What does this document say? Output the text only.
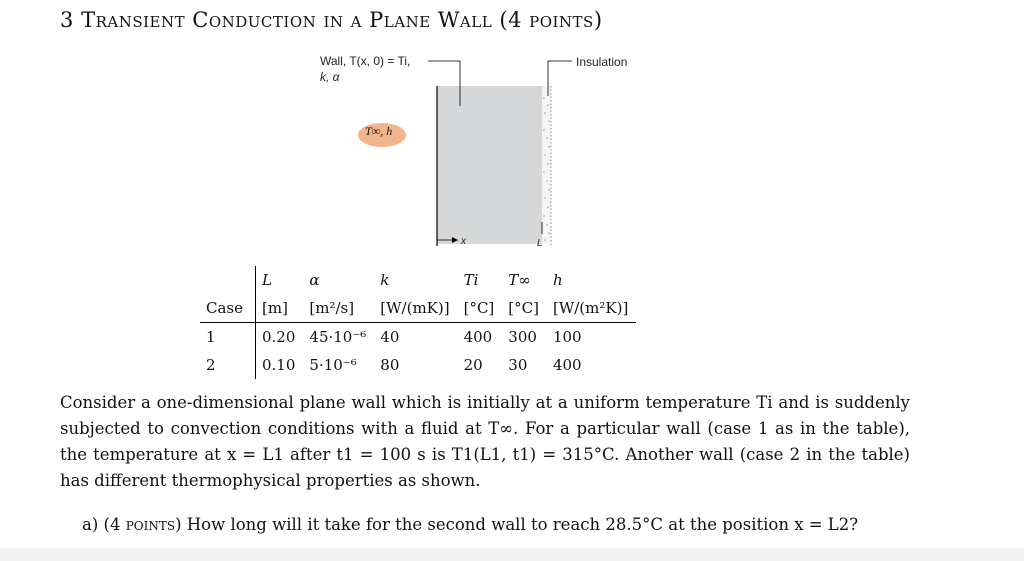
3 Transient Conduction in a Plane Wall (4 points)
Wall, T(x, 0) = Ti,
k, α
T∞, h
Insulation
x	L
	L	α	k	Ti	T∞	h
Case	[m]	[m²/s]	[W/(mK)]	[°C]	[°C]	[W/(m²K)]
1	0.20	45·10⁻⁶	40	400	300	100
2	0.10	5·10⁻⁶	80	20	30	400
Consider a one-dimensional plane wall which is initially at a uniform temperature Ti and is suddenly subjected to convection conditions with a fluid at T∞. For a particular wall (case 1 as in the table), the temperature at x = L1 after t1 = 100 s is T1(L1, t1) = 315°C. Another wall (case 2 in the table) has different thermophysical properties as shown.
a) (4 points) How long will it take for the second wall to reach 28.5°C at the position x = L2?
